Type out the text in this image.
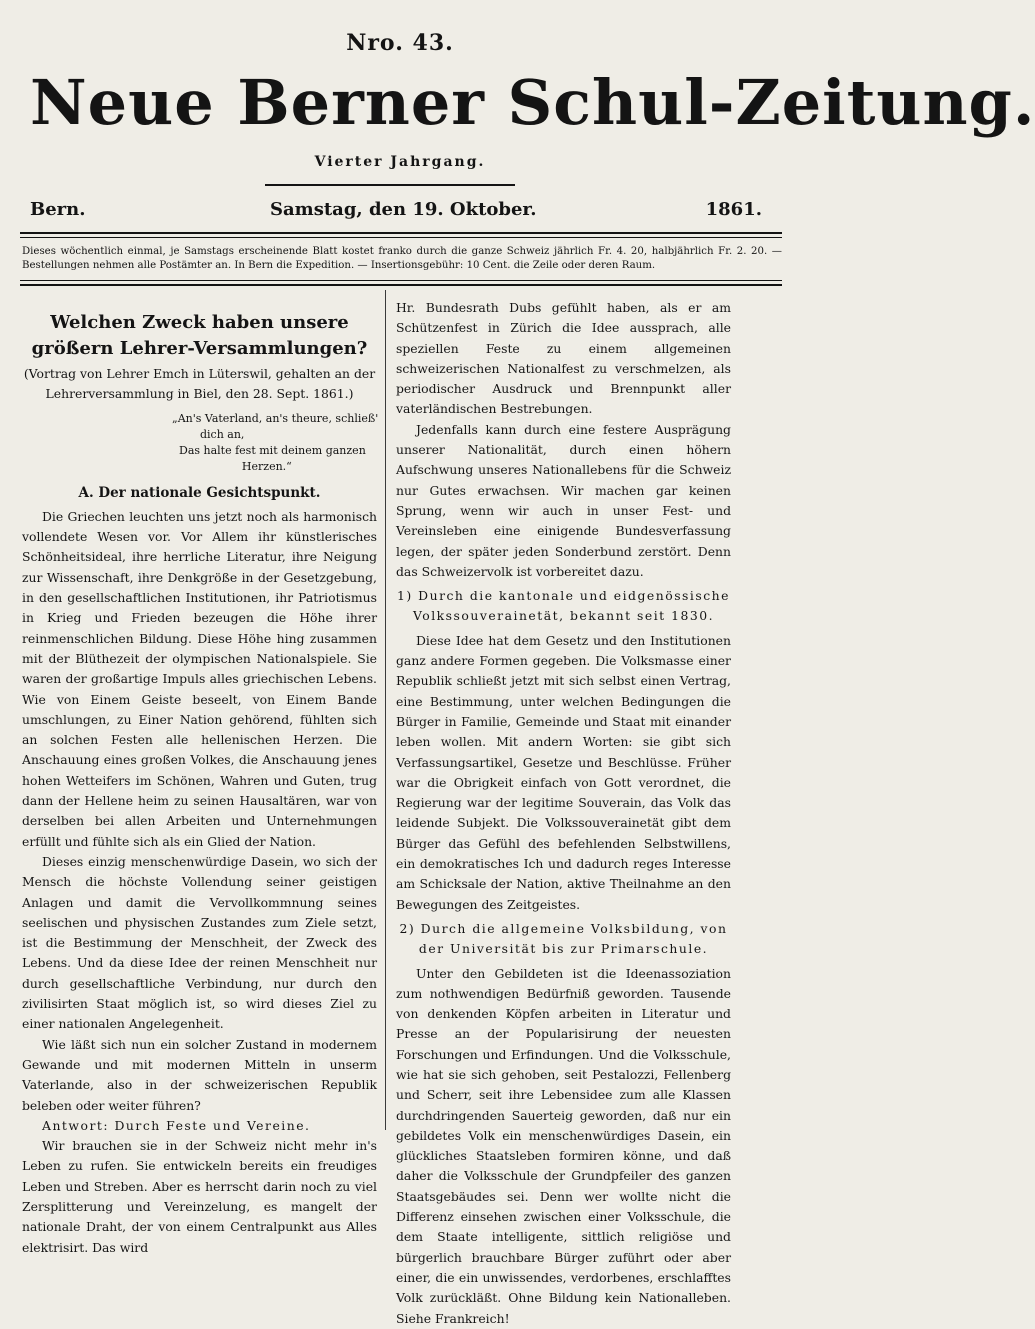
Nro. 43.
Neue Berner Schul-Zeitung.
Vierter Jahrgang.
Bern.	Samstag, den 19. Oktober.	1861.
Dieses wöchentlich einmal, je Samstags erscheinende Blatt kostet franko durch die ganze Schweiz jährlich Fr. 4. 20, halbjährlich Fr. 2. 20. — Bestellungen nehmen alle Postämter an. In Bern die Expedition. — Insertionsgebühr: 10 Cent. die Zeile oder deren Raum.
Welchen Zweck haben unsere größern Lehrer-Versammlungen?
(Vortrag von Lehrer Emch in Lüterswil, gehalten an der Lehrerversammlung in Biel, den 28. Sept. 1861.)
„An's Vaterland, an's theure, schließ'
dich an,
Das halte fest mit deinem ganzen
Herzen.“
A. Der nationale Gesichtspunkt.

Die Griechen leuchten uns jetzt noch als harmonisch vollendete Wesen vor. Vor Allem ihr künstlerisches Schönheitsideal, ihre herrliche Literatur, ihre Neigung zur Wissenschaft, ihre Denkgröße in der Gesetzgebung, in den gesellschaftlichen Institutionen, ihr Patriotismus in Krieg und Frieden bezeugen die Höhe ihrer reinmenschlichen Bildung. Diese Höhe hing zusammen mit der Blüthezeit der olympischen Nationalspiele. Sie waren der großartige Impuls alles griechischen Lebens. Wie von Einem Geiste beseelt, von Einem Bande umschlungen, zu Einer Nation gehörend, fühlten sich an solchen Festen alle hellenischen Herzen. Die Anschauung eines großen Volkes, die Anschauung jenes hohen Wetteifers im Schönen, Wahren und Guten, trug dann der Hellene heim zu seinen Hausaltären, war von derselben bei allen Arbeiten und Unternehmungen erfüllt und fühlte sich als ein Glied der Nation.

Dieses einzig menschenwürdige Dasein, wo sich der Mensch die höchste Vollendung seiner geistigen Anlagen und damit die Vervollkommnung seines seelischen und physischen Zustandes zum Ziele setzt, ist die Bestimmung der Menschheit, der Zweck des Lebens. Und da diese Idee der reinen Menschheit nur durch gesellschaftliche Verbindung, nur durch den zivilisirten Staat möglich ist, so wird dieses Ziel zu einer nationalen Angelegenheit.

Wie läßt sich nun ein solcher Zustand in modernem Gewande und mit modernen Mitteln in unserm Vaterlande, also in der schweizerischen Republik beleben oder weiter führen?

Antwort: Durch Feste und Vereine.

Wir brauchen sie in der Schweiz nicht mehr in's Leben zu rufen. Sie entwickeln bereits ein freudiges Leben und Streben. Aber es herrscht darin noch zu viel Zersplitterung und Vereinzelung, es mangelt der nationale Draht, der von einem Centralpunkt aus Alles elektrisirt. Das wird

Hr. Bundesrath Dubs gefühlt haben, als er am Schützenfest in Zürich die Idee aussprach, alle speziellen Feste zu einem allgemeinen schweizerischen Nationalfest zu verschmelzen, als periodischer Ausdruck und Brennpunkt aller vaterländischen Bestrebungen.

Jedenfalls kann durch eine festere Ausprägung unserer Nationalität, durch einen höhern Aufschwung unseres Nationallebens für die Schweiz nur Gutes erwachsen. Wir machen gar keinen Sprung, wenn wir auch in unser Fest- und Vereinsleben eine einigende Bundesverfassung legen, der später jeden Sonderbund zerstört. Denn das Schweizervolk ist vorbereitet dazu.

1) Durch die kantonale und eidgenössische Volkssouverainetät, bekannt seit 1830.

Diese Idee hat dem Gesetz und den Institutionen ganz andere Formen gegeben. Die Volksmasse einer Republik schließt jetzt mit sich selbst einen Vertrag, eine Bestimmung, unter welchen Bedingungen die Bürger in Familie, Gemeinde und Staat mit einander leben wollen. Mit andern Worten: sie gibt sich Verfassungsartikel, Gesetze und Beschlüsse. Früher war die Obrigkeit einfach von Gott verordnet, die Regierung war der legitime Souverain, das Volk das leidende Subjekt. Die Volkssouverainetät gibt dem Bürger das Gefühl des befehlenden Selbstwillens, ein demokratisches Ich und dadurch reges Interesse am Schicksale der Nation, aktive Theilnahme an den Bewegungen des Zeitgeistes.

2) Durch die allgemeine Volksbildung, von der Universität bis zur Primarschule.

Unter den Gebildeten ist die Ideenassoziation zum nothwendigen Bedürfniß geworden. Tausende von denkenden Köpfen arbeiten in Literatur und Presse an der Popularisirung der neuesten Forschungen und Erfindungen. Und die Volksschule, wie hat sie sich gehoben, seit Pestalozzi, Fellenberg und Scherr, seit ihre Lebensidee zum alle Klassen durchdringenden Sauerteig geworden, daß nur ein gebildetes Volk ein menschenwürdiges Dasein, ein glückliches Staatsleben formiren könne, und daß daher die Volksschule der Grundpfeiler des ganzen Staatsgebäudes sei. Denn wer wollte nicht die Differenz einsehen zwischen einer Volksschule, die dem Staate intelligente, sittlich religiöse und bürgerlich brauchbare Bürger zuführt oder aber einer, die ein unwissendes, verdorbenes, erschlafftes Volk zurückläßt. Ohne Bildung kein Nationalleben. Siehe Frankreich!
